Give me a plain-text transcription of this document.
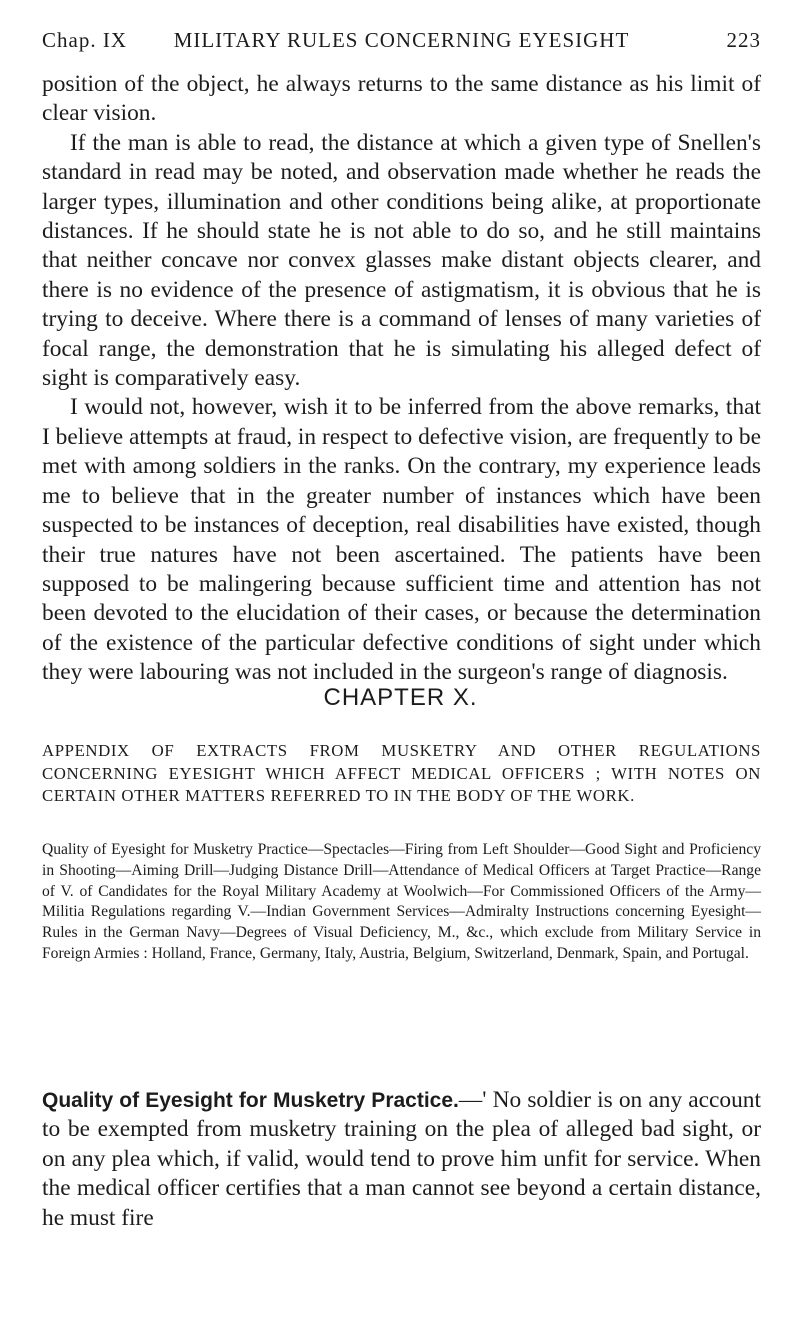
Chap. IX	MILITARY RULES CONCERNING EYESIGHT	223

position of the object, he always returns to the same distance as his limit of clear vision.

If the man is able to read, the distance at which a given type of Snellen's standard in read may be noted, and observation made whether he reads the larger types, illumination and other conditions being alike, at proportionate distances. If he should state he is not able to do so, and he still maintains that neither concave nor convex glasses make distant objects clearer, and there is no evidence of the presence of astigmatism, it is obvious that he is trying to deceive. Where there is a command of lenses of many varieties of focal range, the demonstration that he is simulating his alleged defect of sight is comparatively easy.

I would not, however, wish it to be inferred from the above remarks, that I believe attempts at fraud, in respect to defective vision, are frequently to be met with among soldiers in the ranks. On the contrary, my experience leads me to believe that in the greater number of instances which have been suspected to be instances of deception, real disabilities have existed, though their true natures have not been ascertained. The patients have been supposed to be malingering because sufficient time and attention has not been devoted to the elucidation of their cases, or because the determination of the existence of the particular defective conditions of sight under which they were labouring was not included in the surgeon's range of diagnosis.

CHAPTER X.
APPENDIX OF EXTRACTS FROM MUSKETRY AND OTHER REGULATIONS CONCERNING EYESIGHT WHICH AFFECT MEDICAL OFFICERS ; WITH NOTES ON CERTAIN OTHER MATTERS REFERRED TO IN THE BODY OF THE WORK.
Quality of Eyesight for Musketry Practice—Spectacles—Firing from Left Shoulder—Good Sight and Proficiency in Shooting—Aiming Drill—Judging Distance Drill—Attendance of Medical Officers at Target Practice—Range of V. of Candidates for the Royal Military Academy at Woolwich—For Commissioned Officers of the Army—Militia Regulations regarding V.—Indian Government Services—Admiralty Instructions concerning Eyesight—Rules in the German Navy—Degrees of Visual Deficiency, M., &c., which exclude from Military Service in Foreign Armies : Holland, France, Germany, Italy, Austria, Belgium, Switzerland, Denmark, Spain, and Portugal.

Quality of Eyesight for Musketry Practice.—' No soldier is on any account to be exempted from musketry training on the plea of alleged bad sight, or on any plea which, if valid, would tend to prove him unfit for service. When the medical officer certifies that a man cannot see beyond a certain distance, he must fire
